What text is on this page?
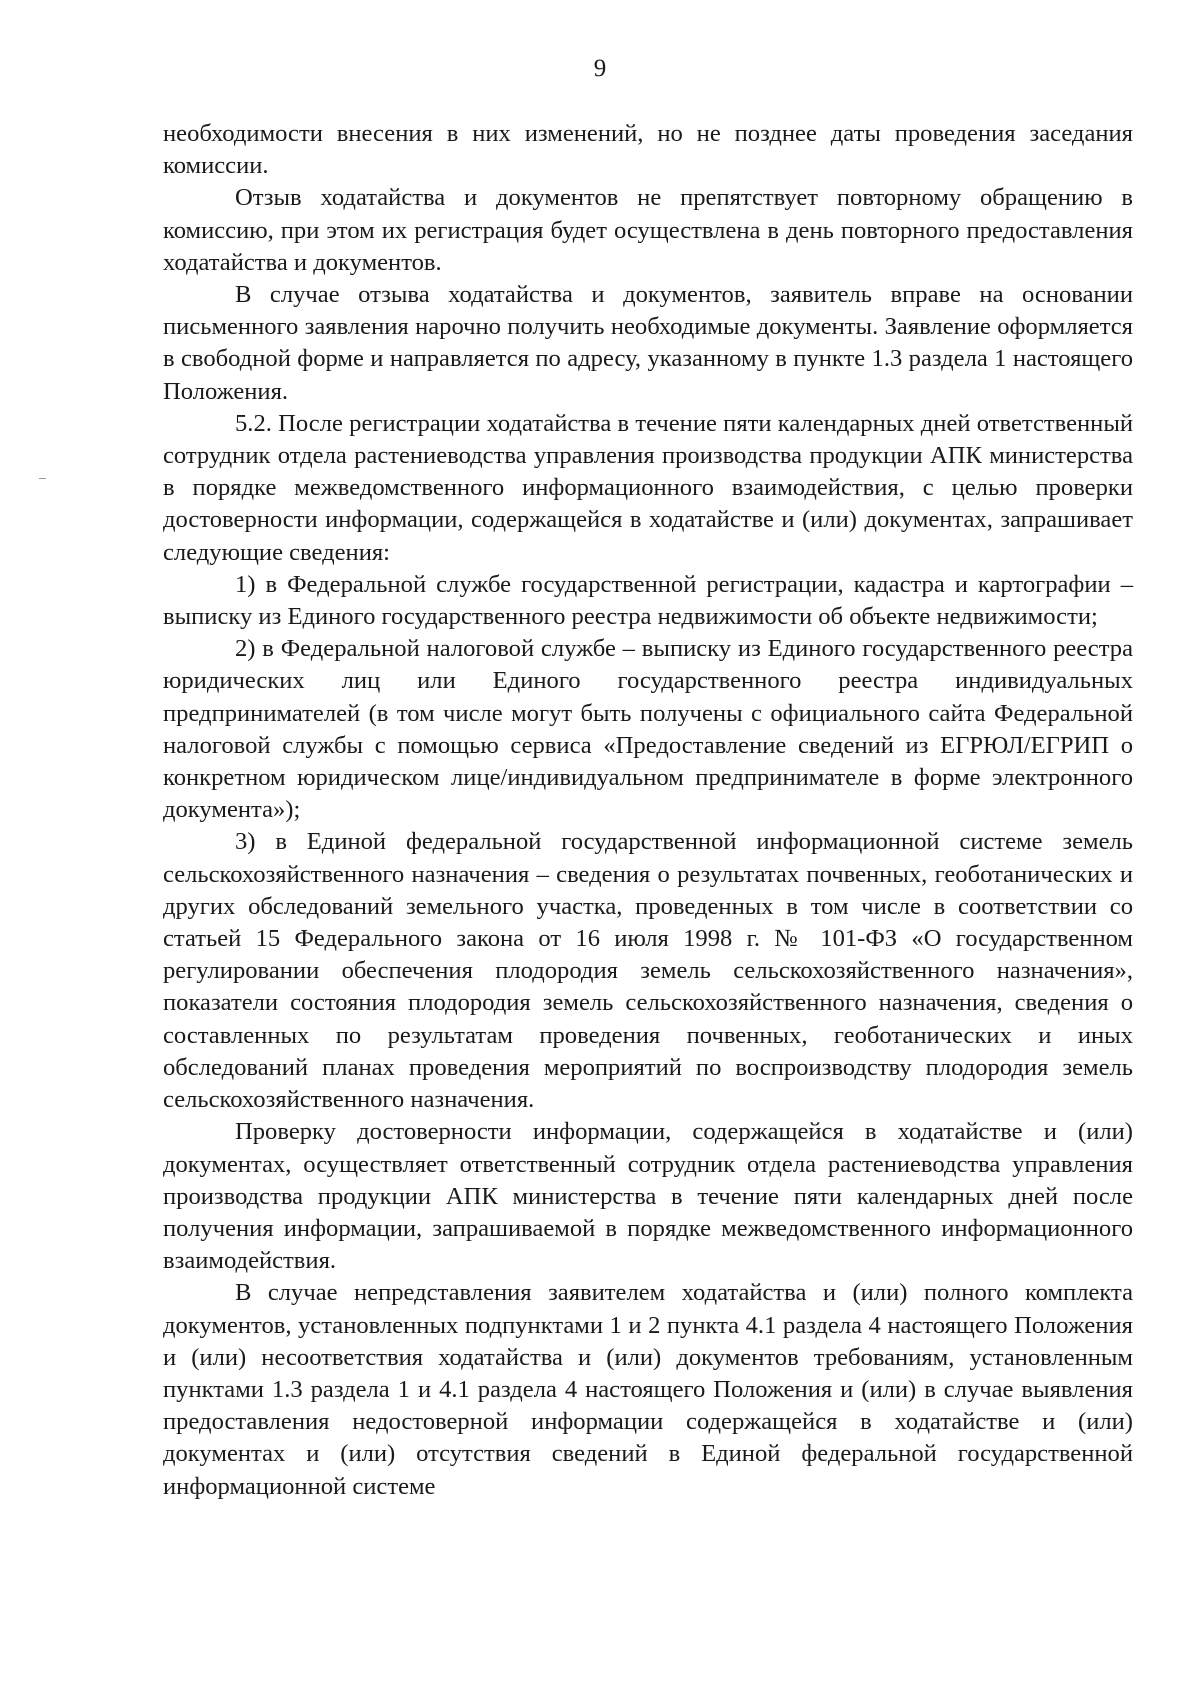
9

необходимости внесения в них изменений, но не позднее даты проведения заседания комиссии.

Отзыв ходатайства и документов не препятствует повторному обращению в комиссию, при этом их регистрация будет осуществлена в день повторного предоставления ходатайства и документов.

В случае отзыва ходатайства и документов, заявитель вправе на основании письменного заявления нарочно получить необходимые документы. Заявление оформляется в свободной форме и направляется по адресу, указанному в пункте 1.3 раздела 1 настоящего Положения.

5.2. После регистрации ходатайства в течение пяти календарных дней ответственный сотрудник отдела растениеводства управления производства продукции АПК министерства в порядке межведомственного информационного взаимодействия, с целью проверки достоверности информации, содержащейся в ходатайстве и (или) документах, запрашивает следующие сведения:

1) в Федеральной службе государственной регистрации, кадастра и картографии – выписку из Единого государственного реестра недвижимости об объекте недвижимости;

2) в Федеральной налоговой службе – выписку из Единого государственного реестра юридических лиц или Единого государственного реестра индивидуальных предпринимателей (в том числе могут быть получены с официального сайта Федеральной налоговой службы с помощью сервиса «Предоставление сведений из ЕГРЮЛ/ЕГРИП о конкретном юридическом лице/индивидуальном предпринимателе в форме электронного документа»);

3) в Единой федеральной государственной информационной системе земель сельскохозяйственного назначения – сведения о результатах почвенных, геоботанических и других обследований земельного участка, проведенных в том числе в соответствии со статьей 15 Федерального закона от 16 июля 1998 г. № 101-ФЗ «О государственном регулировании обеспечения плодородия земель сельскохозяйственного назначения», показатели состояния плодородия земель сельскохозяйственного назначения, сведения о составленных по результатам проведения почвенных, геоботанических и иных обследований планах проведения мероприятий по воспроизводству плодородия земель сельскохозяйственного назначения.

Проверку достоверности информации, содержащейся в ходатайстве и (или) документах, осуществляет ответственный сотрудник отдела растениеводства управления производства продукции АПК министерства в течение пяти календарных дней после получения информации, запрашиваемой в порядке межведомственного информационного взаимодействия.

В случае непредставления заявителем ходатайства и (или) полного комплекта документов, установленных подпунктами 1 и 2 пункта 4.1 раздела 4 настоящего Положения и (или) несоответствия ходатайства и (или) документов требованиям, установленным пунктами 1.3 раздела 1 и 4.1 раздела 4 настоящего Положения и (или) в случае выявления предоставления недостоверной информации содержащейся в ходатайстве и (или) документах и (или) отсутствия сведений в Единой федеральной государственной информационной системе
